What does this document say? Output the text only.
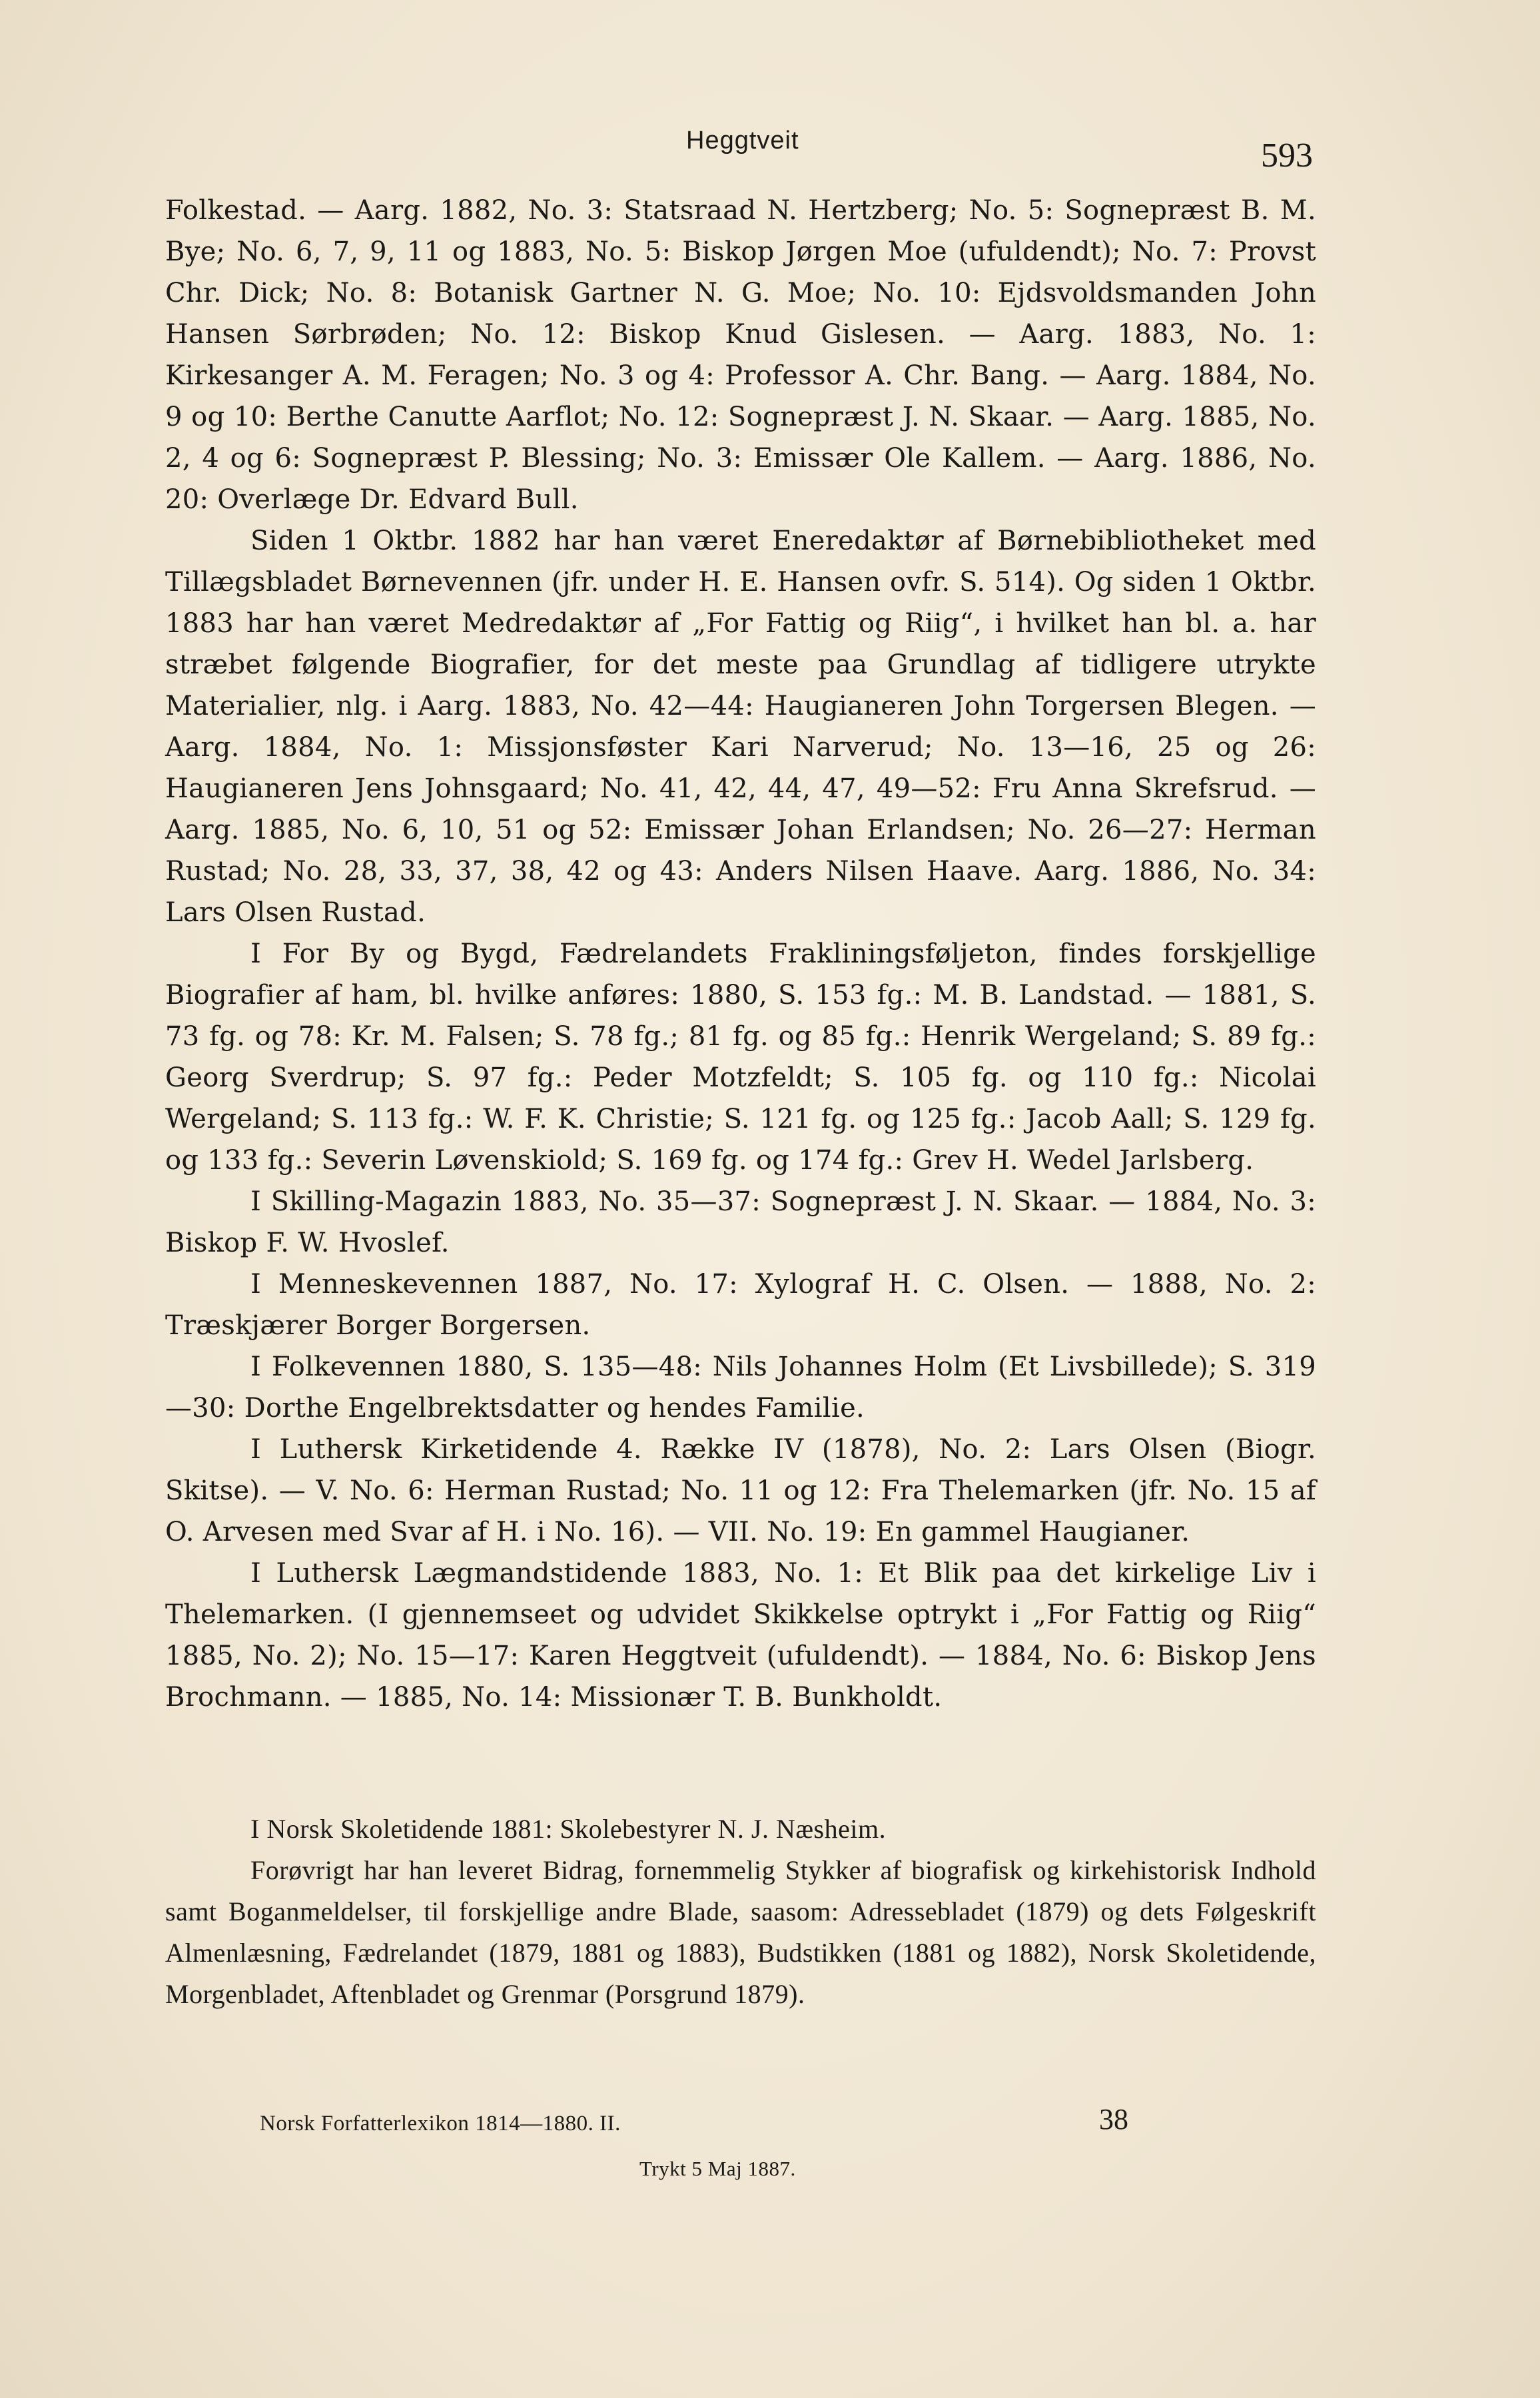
Heggtveit	593

Folkestad. — Aarg. 1882, No. 3: Statsraad N. Hertzberg; No. 5: Sognepræst B. M. Bye; No. 6, 7, 9, 11 og 1883, No. 5: Biskop Jørgen Moe (ufuldendt); No. 7: Provst Chr. Dick; No. 8: Botanisk Gartner N. G. Moe; No. 10: Ejdsvoldsmanden John Hansen Sørbrøden; No. 12: Biskop Knud Gislesen. — Aarg. 1883, No. 1: Kirkesanger A. M. Feragen; No. 3 og 4: Professor A. Chr. Bang. — Aarg. 1884, No. 9 og 10: Berthe Canutte Aarflot; No. 12: Sognepræst J. N. Skaar. — Aarg. 1885, No. 2, 4 og 6: Sognepræst P. Blessing; No. 3: Emissær Ole Kallem. — Aarg. 1886, No. 20: Overlæge Dr. Edvard Bull.

Siden 1 Oktbr. 1882 har han været Eneredaktør af Børnebibliotheket med Tillægsbladet Børnevennen (jfr. under H. E. Hansen ovfr. S. 514). Og siden 1 Oktbr. 1883 har han været Medredaktør af „For Fattig og Riig“, i hvilket han bl. a. har stræbet følgende Biografier, for det meste paa Grundlag af tidligere utrykte Materialier, nlg. i Aarg. 1883, No. 42—44: Haugianeren John Torgersen Blegen. — Aarg. 1884, No. 1: Missjonsføster Kari Narverud; No. 13—16, 25 og 26: Haugianeren Jens Johnsgaard; No. 41, 42, 44, 47, 49—52: Fru Anna Skrefsrud. — Aarg. 1885, No. 6, 10, 51 og 52: Emissær Johan Erlandsen; No. 26—27: Herman Rustad; No. 28, 33, 37, 38, 42 og 43: Anders Nilsen Haave. Aarg. 1886, No. 34: Lars Olsen Rustad.

I For By og Bygd, Fædrelandets Frakliningsføljeton, findes forskjellige Biografier af ham, bl. hvilke anføres: 1880, S. 153 fg.: M. B. Landstad. — 1881, S. 73 fg. og 78: Kr. M. Falsen; S. 78 fg.; 81 fg. og 85 fg.: Henrik Wergeland; S. 89 fg.: Georg Sverdrup; S. 97 fg.: Peder Motzfeldt; S. 105 fg. og 110 fg.: Nicolai Wergeland; S. 113 fg.: W. F. K. Christie; S. 121 fg. og 125 fg.: Jacob Aall; S. 129 fg. og 133 fg.: Severin Løvenskiold; S. 169 fg. og 174 fg.: Grev H. Wedel Jarlsberg.

I Skilling-Magazin 1883, No. 35—37: Sognepræst J. N. Skaar. — 1884, No. 3: Biskop F. W. Hvoslef.

I Menneskevennen 1887, No. 17: Xylograf H. C. Olsen. — 1888, No. 2: Træskjærer Borger Borgersen.

I Folkevennen 1880, S. 135—48: Nils Johannes Holm (Et Livsbillede); S. 319—30: Dorthe Engelbrektsdatter og hendes Familie.

I Luthersk Kirketidende 4. Række IV (1878), No. 2: Lars Olsen (Biogr. Skitse). — V. No. 6: Herman Rustad; No. 11 og 12: Fra Thelemarken (jfr. No. 15 af O. Arvesen med Svar af H. i No. 16). — VII. No. 19: En gammel Haugianer.

I Luthersk Lægmandstidende 1883, No. 1: Et Blik paa det kirkelige Liv i Thelemarken. (I gjennemseet og udvidet Skikkelse optrykt i „For Fattig og Riig“ 1885, No. 2); No. 15—17: Karen Heggtveit (ufuldendt). — 1884, No. 6: Biskop Jens Brochmann. — 1885, No. 14: Missionær T. B. Bunkholdt.

I Norsk Skoletidende 1881: Skolebestyrer N. J. Næsheim.

Forøvrigt har han leveret Bidrag, fornemmelig Stykker af biografisk og kirkehistorisk Indhold samt Boganmeldelser, til forskjellige andre Blade, saasom: Adressebladet (1879) og dets Følgeskrift Almenlæsning, Fædrelandet (1879, 1881 og 1883), Budstikken (1881 og 1882), Norsk Skoletidende, Morgenbladet, Aftenbladet og Grenmar (Porsgrund 1879).

Norsk Forfatterlexikon 1814—1880. II.	38
Trykt 5 Maj 1887.
